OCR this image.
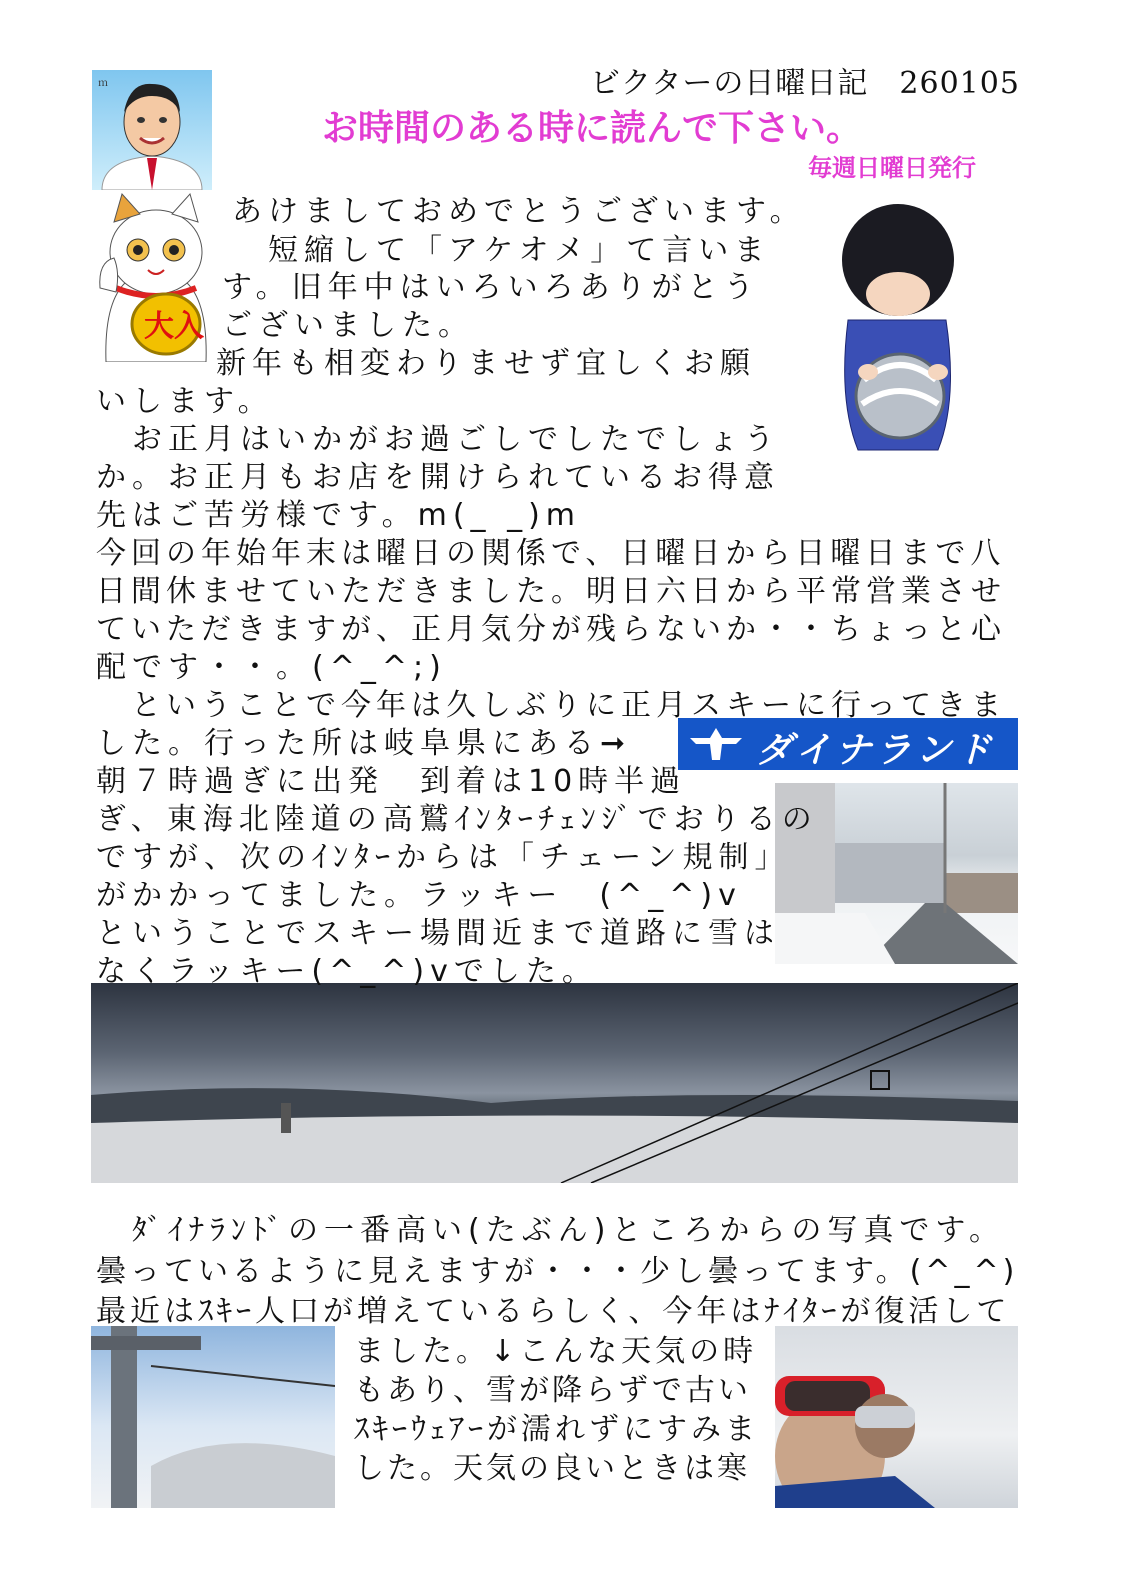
ビクターの日曜日記　260105
お時間のある時に読んで下さい。
毎週日曜日発行
ｍ
大入
ダイナランド
あけましておめでとうございます。
　短縮して「アケオメ」て言いま
す。旧年中はいろいろありがとう
ございました。
新年も相変わりませず宜しくお願
いします。
　お正月はいかがお過ごしでしたでしょう
か。お正月もお店を開けられているお得意
先はご苦労様です。m(_ _)m
今回の年始年末は曜日の関係で、日曜日から日曜日まで八
日間休ませていただきました。明日六日から平常営業させ
ていただきますが、正月気分が残らないか・・ちょっと心
配です・・。(^_^;)
　ということで今年は久しぶりに正月スキーに行ってきま
した。行った所は岐阜県にある➞
朝７時過ぎに出発　到着は10時半過
ぎ、東海北陸道の高鷲ｲﾝﾀｰﾁｪﾝｼﾞでおりるの
ですが、次のｲﾝﾀｰからは「チェーン規制」
がかかってました。ラッキー　(^_^)v
ということでスキー場間近まで道路に雪は
なくラッキー(^_^)vでした。
　ﾀﾞｲﾅﾗﾝﾄﾞの一番高い(たぶん)ところからの写真です。
曇っているように見えますが・・・少し曇ってます。(^_^)
最近はｽｷｰ人口が増えているらしく、今年はﾅｲﾀｰが復活して
ました。↓こんな天気の時
もあり、雪が降らずで古い
ｽｷｰｳｪｱｰが濡れずにすみま
した。天気の良いときは寒
